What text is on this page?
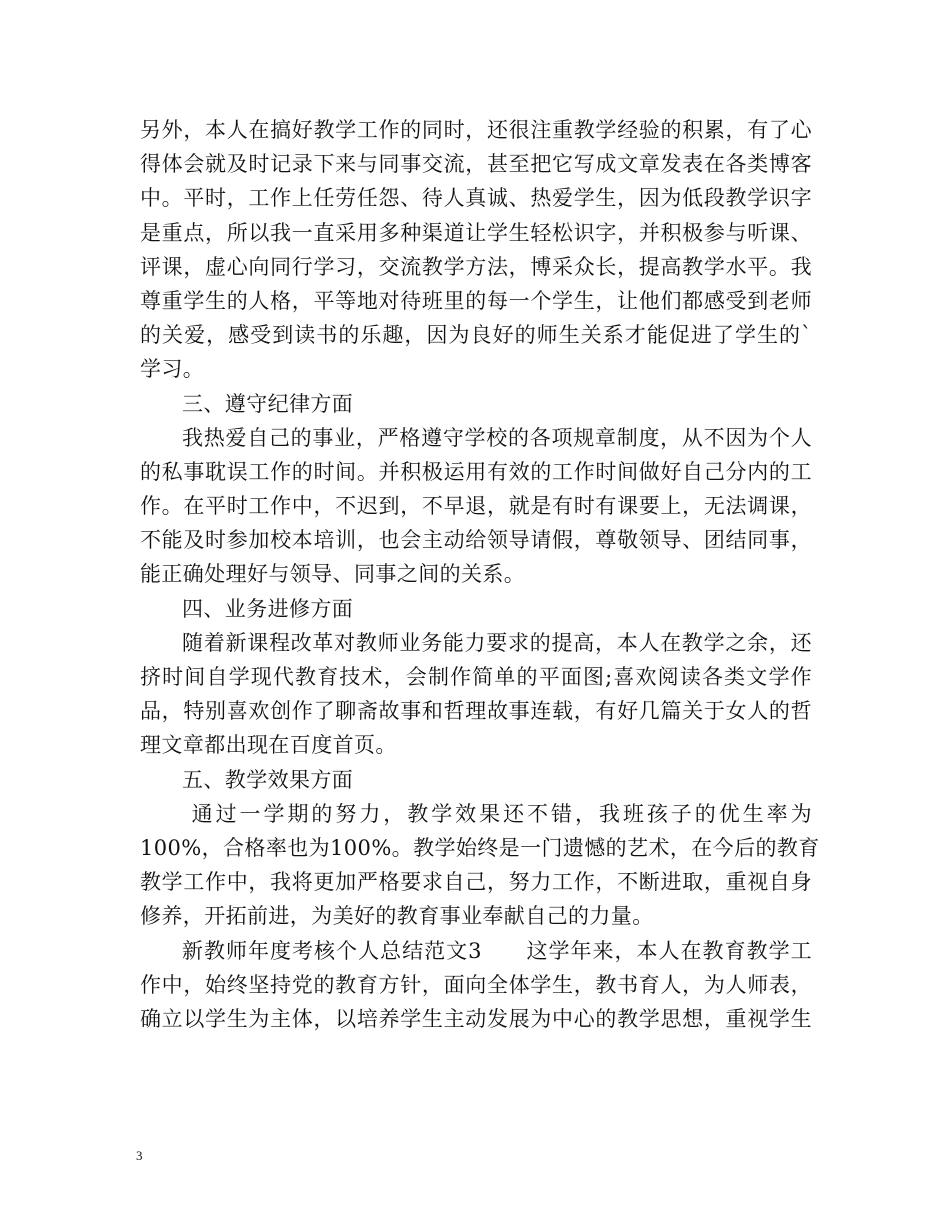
另外，本人在搞好教学工作的同时，还很注重教学经验的积累，有了心
得体会就及时记录下来与同事交流，甚至把它写成文章发表在各类博客
中。平时，工作上任劳任怨、待人真诚、热爱学生，因为低段教学识字
是重点，所以我一直采用多种渠道让学生轻松识字，并积极参与听课、
评课，虚心向同行学习，交流教学方法，博采众长，提高教学水平。我
尊重学生的人格，平等地对待班里的每一个学生，让他们都感受到老师
的关爱，感受到读书的乐趣，因为良好的师生关系才能促进了学生的`
学习。
三、遵守纪律方面
我热爱自己的事业，严格遵守学校的各项规章制度，从不因为个人
的私事耽误工作的时间。并积极运用有效的工作时间做好自己分内的工
作。在平时工作中，不迟到，不早退，就是有时有课要上，无法调课，
不能及时参加校本培训，也会主动给领导请假，尊敬领导、团结同事，
能正确处理好与领导、同事之间的关系。
四、业务进修方面
随着新课程改革对教师业务能力要求的提高，本人在教学之余，还
挤时间自学现代教育技术，会制作简单的平面图;喜欢阅读各类文学作
品，特别喜欢创作了聊斋故事和哲理故事连载，有好几篇关于女人的哲
理文章都出现在百度首页。
五、教学效果方面
通过一学期的努力，教学效果还不错，我班孩子的优生率为
100%，合格率也为100%。教学始终是一门遗憾的艺术，在今后的教育
教学工作中，我将更加严格要求自己，努力工作，不断进取，重视自身
修养，开拓前进，为美好的教育事业奉献自己的力量。
新教师年度考核个人总结范文3　　这学年来，本人在教育教学工
作中，始终坚持党的教育方针，面向全体学生，教书育人，为人师表，
确立以学生为主体，以培养学生主动发展为中心的教学思想，重视学生
3
